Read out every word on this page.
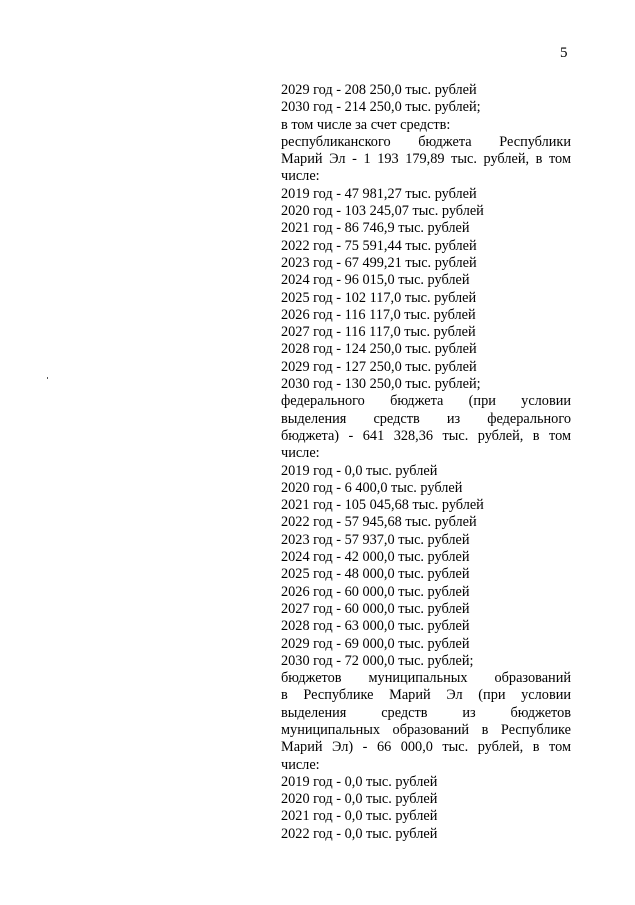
5
2029 год - 208 250,0 тыс. рублей
2030 год - 214 250,0 тыс. рублей;
в том числе за счет средств:
республиканского бюджета Республики
Марий Эл - 1 193 179,89 тыс. рублей, в том
числе:
2019 год - 47 981,27 тыс. рублей
2020 год - 103 245,07 тыс. рублей
2021 год - 86 746,9 тыс. рублей
2022 год - 75 591,44 тыс. рублей
2023 год - 67 499,21 тыс. рублей
2024 год - 96 015,0 тыс. рублей
2025 год - 102 117,0 тыс. рублей
2026 год - 116 117,0 тыс. рублей
2027 год - 116 117,0 тыс. рублей
2028 год - 124 250,0 тыс. рублей
2029 год - 127 250,0 тыс. рублей
2030 год - 130 250,0 тыс. рублей;
федерального бюджета (при условии
выделения средств из федерального
бюджета) - 641 328,36 тыс. рублей, в том
числе:
2019 год - 0,0 тыс. рублей
2020 год - 6 400,0 тыс. рублей
2021 год - 105 045,68 тыс. рублей
2022 год - 57 945,68 тыс. рублей
2023 год - 57 937,0 тыс. рублей
2024 год - 42 000,0 тыс. рублей
2025 год - 48 000,0 тыс. рублей
2026 год - 60 000,0 тыс. рублей
2027 год - 60 000,0 тыс. рублей
2028 год - 63 000,0 тыс. рублей
2029 год - 69 000,0 тыс. рублей
2030 год - 72 000,0 тыс. рублей;
бюджетов муниципальных образований
в Республике Марий Эл (при условии
выделения средств из бюджетов
муниципальных образований в Республике
Марий Эл) - 66 000,0 тыс. рублей, в том
числе:
2019 год - 0,0 тыс. рублей
2020 год - 0,0 тыс. рублей
2021 год - 0,0 тыс. рублей
2022 год - 0,0 тыс. рублей
